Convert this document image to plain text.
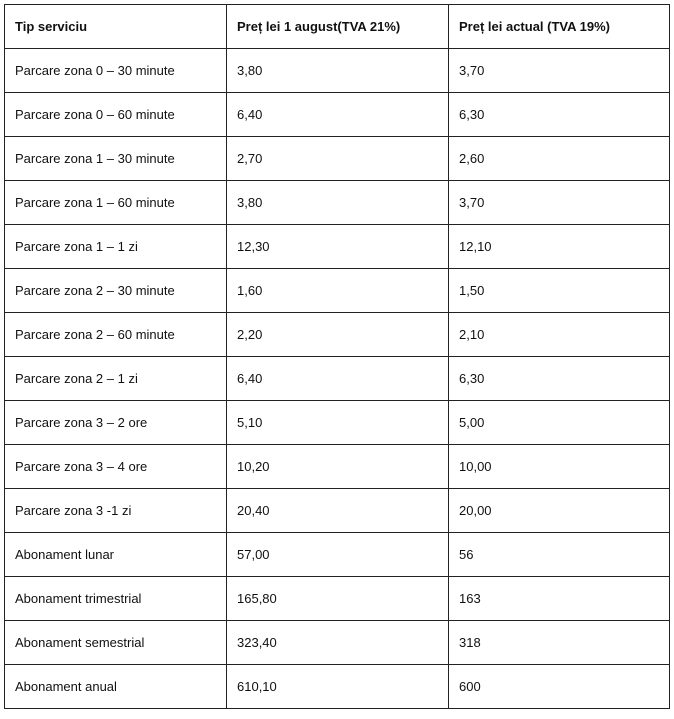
Tip serviciu	Preț lei 1 august(TVA 21%)	Preț lei actual (TVA 19%)
Parcare zona 0 – 30 minute	3,80	3,70
Parcare zona 0 – 60 minute	6,40	6,30
Parcare zona 1 – 30 minute	2,70	2,60
Parcare zona 1 – 60 minute	3,80	3,70
Parcare zona 1 – 1 zi	12,30	12,10
Parcare zona 2 – 30 minute	1,60	1,50
Parcare zona 2 – 60 minute	2,20	2,10
Parcare zona 2 – 1 zi	6,40	6,30
Parcare zona 3 – 2 ore	5,10	5,00
Parcare zona 3 – 4 ore	10,20	10,00
Parcare zona 3 -1 zi	20,40	20,00
Abonament lunar	57,00	56
Abonament trimestrial	165,80	163
Abonament semestrial	323,40	318
Abonament anual	610,10	600
